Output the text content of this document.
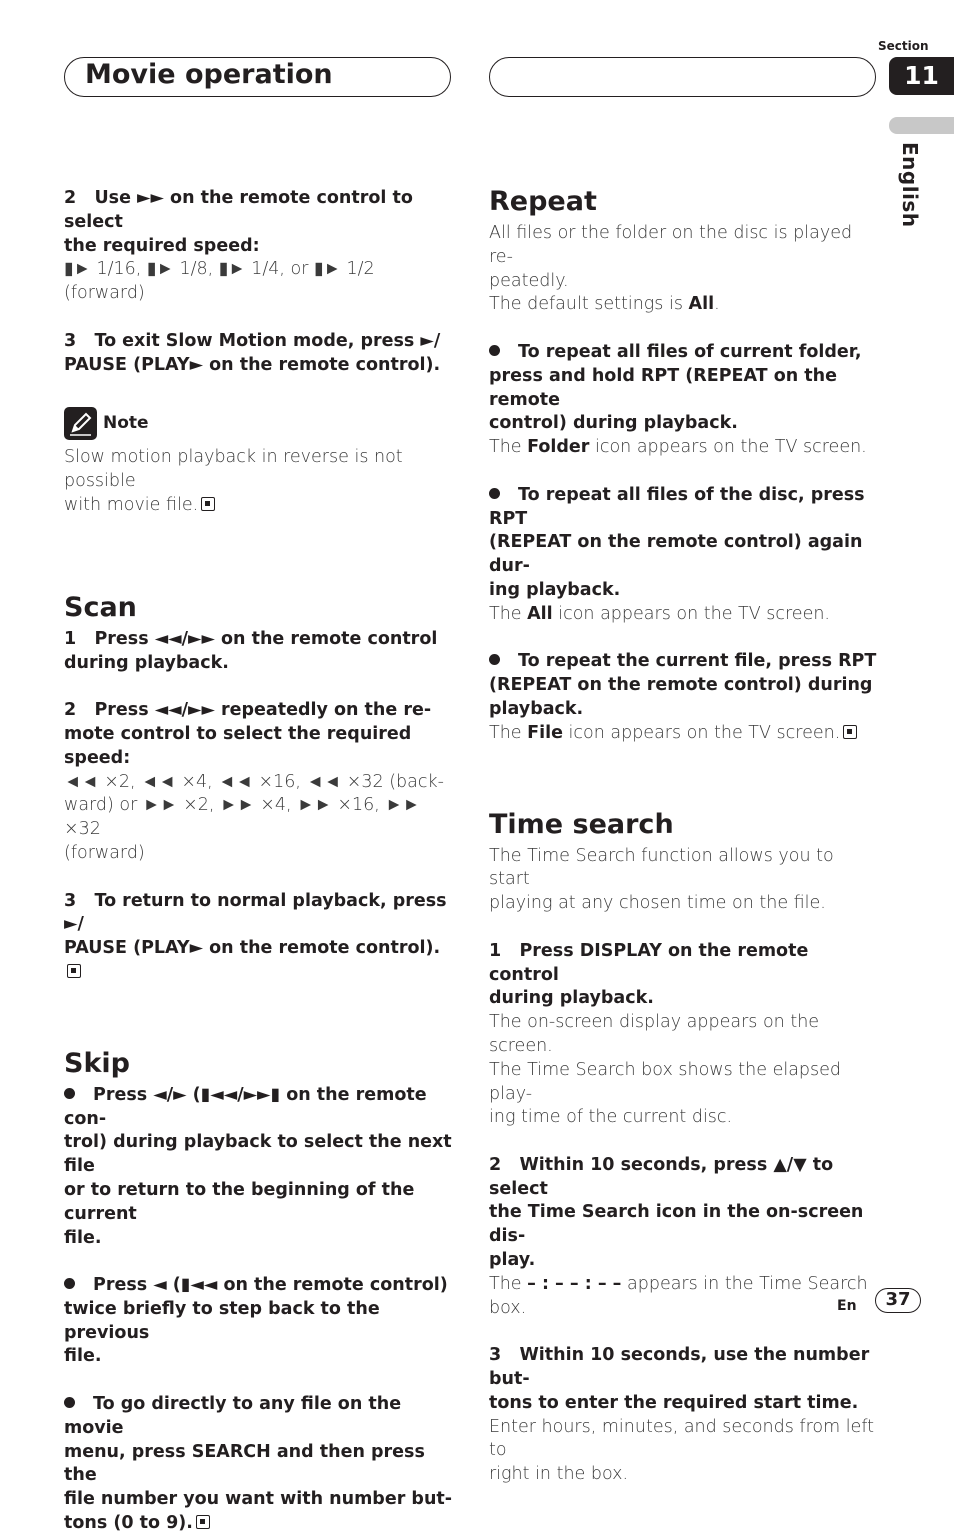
Movie operation
Section
11
English
2   Use ►► on the remote control to select
the required speed:
▮► 1/16, ▮► 1/8, ▮► 1/4, or ▮► 1/2 (forward)
3   To exit Slow Motion mode, press ►/
PAUSE (PLAY► on the remote control).
Note
Slow motion playback in reverse is not possible
with movie file.
Scan
1   Press ◄◄/►► on the remote control
during playback.
2   Press ◄◄/►► repeatedly on the re-
mote control to select the required speed:
◄◄ ×2, ◄◄ ×4, ◄◄ ×16, ◄◄ ×32 (back-
ward) or ►► ×2, ►► ×4, ►► ×16, ►► ×32
(forward)
3   To return to normal playback, press ►/
PAUSE (PLAY► on the remote control).
Skip
Press ◄/► (▮◄◄/►►▮ on the remote con-
trol) during playback to select the next file
or to return to the beginning of the current
file.
Press ◄ (▮◄◄ on the remote control)
twice briefly to step back to the previous
file.
To go directly to any file on the movie
menu, press SEARCH and then press the
file number you want with number but-
tons (0 to 9).
Repeat
All files or the folder on the disc is played re-
peatedly.
The default settings is All.
To repeat all files of current folder,
press and hold RPT (REPEAT on the remote
control) during playback.
The Folder icon appears on the TV screen.
To repeat all files of the disc, press RPT
(REPEAT on the remote control) again dur-
ing playback.
The All icon appears on the TV screen.
To repeat the current file, press RPT
(REPEAT on the remote control) during
playback.
The File icon appears on the TV screen.
Time search
The Time Search function allows you to start
playing at any chosen time on the file.
1   Press DISPLAY on the remote control
during playback.
The on-screen display appears on the screen.
The Time Search box shows the elapsed play-
ing time of the current disc.
2   Within 10 seconds, press ▲/▼ to select
the Time Search icon in the on-screen dis-
play.
The – : – – : – – appears in the Time Search
box.
3   Within 10 seconds, use the number but-
tons to enter the required start time.
Enter hours, minutes, and seconds from left to
right in the box.
En	37
